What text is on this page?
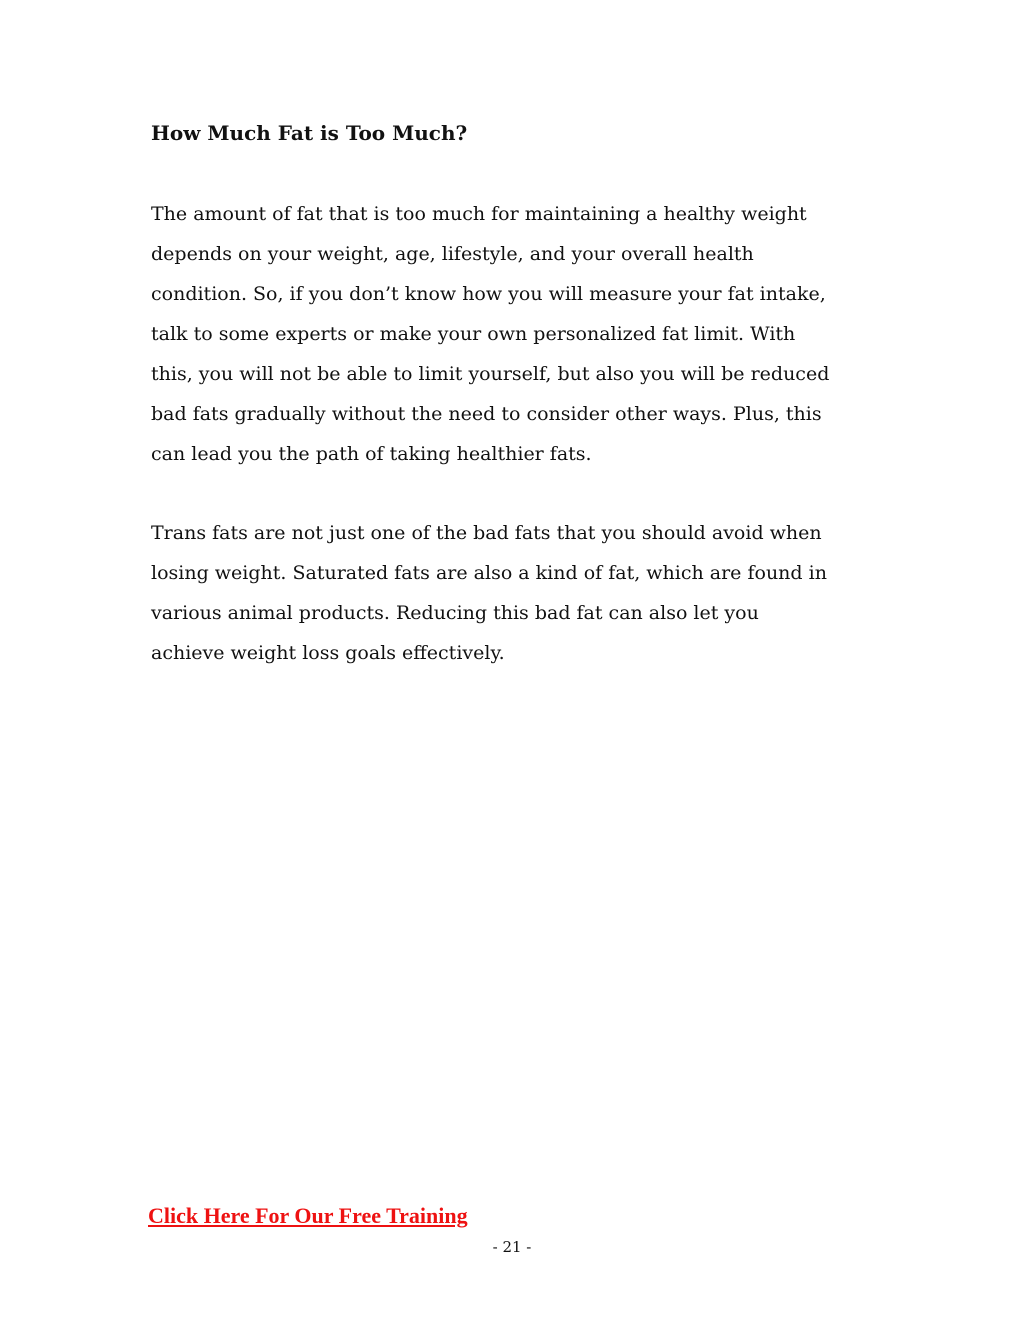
How Much Fat is Too Much?

The amount of fat that is too much for maintaining a healthy weight
depends on your weight, age, lifestyle, and your overall health
condition. So, if you don’t know how you will measure your fat intake,
talk to some experts or make your own personalized fat limit. With
this, you will not be able to limit yourself, but also you will be reduced
bad fats gradually without the need to consider other ways. Plus, this
can lead you the path of taking healthier fats.

Trans fats are not just one of the bad fats that you should avoid when
losing weight. Saturated fats are also a kind of fat, which are found in
various animal products. Reducing this bad fat can also let you
achieve weight loss goals effectively.

Click Here For Our Free Training
- 21 -
